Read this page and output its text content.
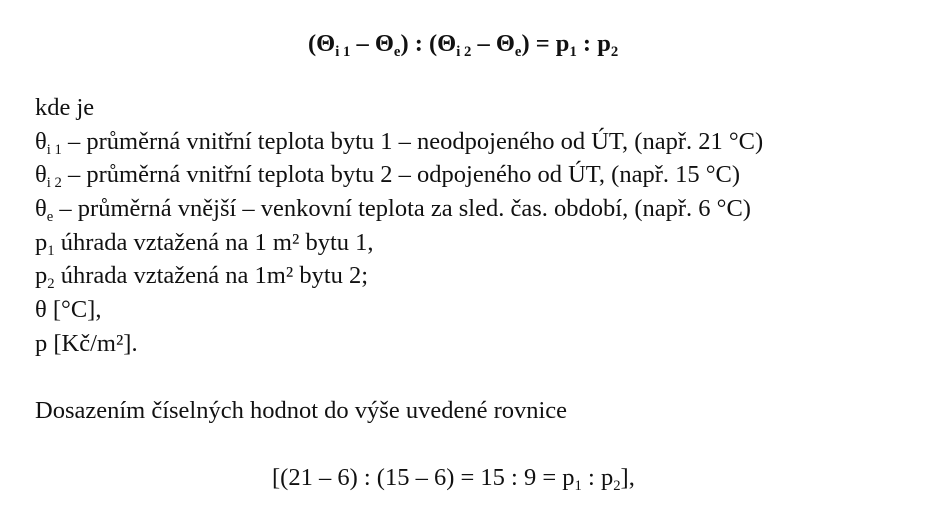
$(\Theta_{i 1} - \Theta_e)$ : $(\Theta_{i 2} - \Theta_e) = p_1$ : $p_2$
kde je
$\theta_{i 1}$ – průměrná vnitřní teplota bytu 1 – neodpojeného od ÚT, (např. 21 °C)
$\theta_{i 2}$ – průměrná vnitřní teplota bytu 2 – odpojeného od ÚT, (např. 15 °C)
$\theta_e$ – průměrná vnější – venkovní teplota za sled. čas. období, (např. 6 °C)
$p_1$ úhrada vztažená na 1 m² bytu 1,
$p_2$ úhrada vztažená na 1m² bytu 2;
θ [°C],
p [Kč/m²].
Dosazením číselných hodnot do výše uvedené rovnice
[(21 – 6) : (15 – 6) = 15 : $9 = p_1$ : $p_2$],
